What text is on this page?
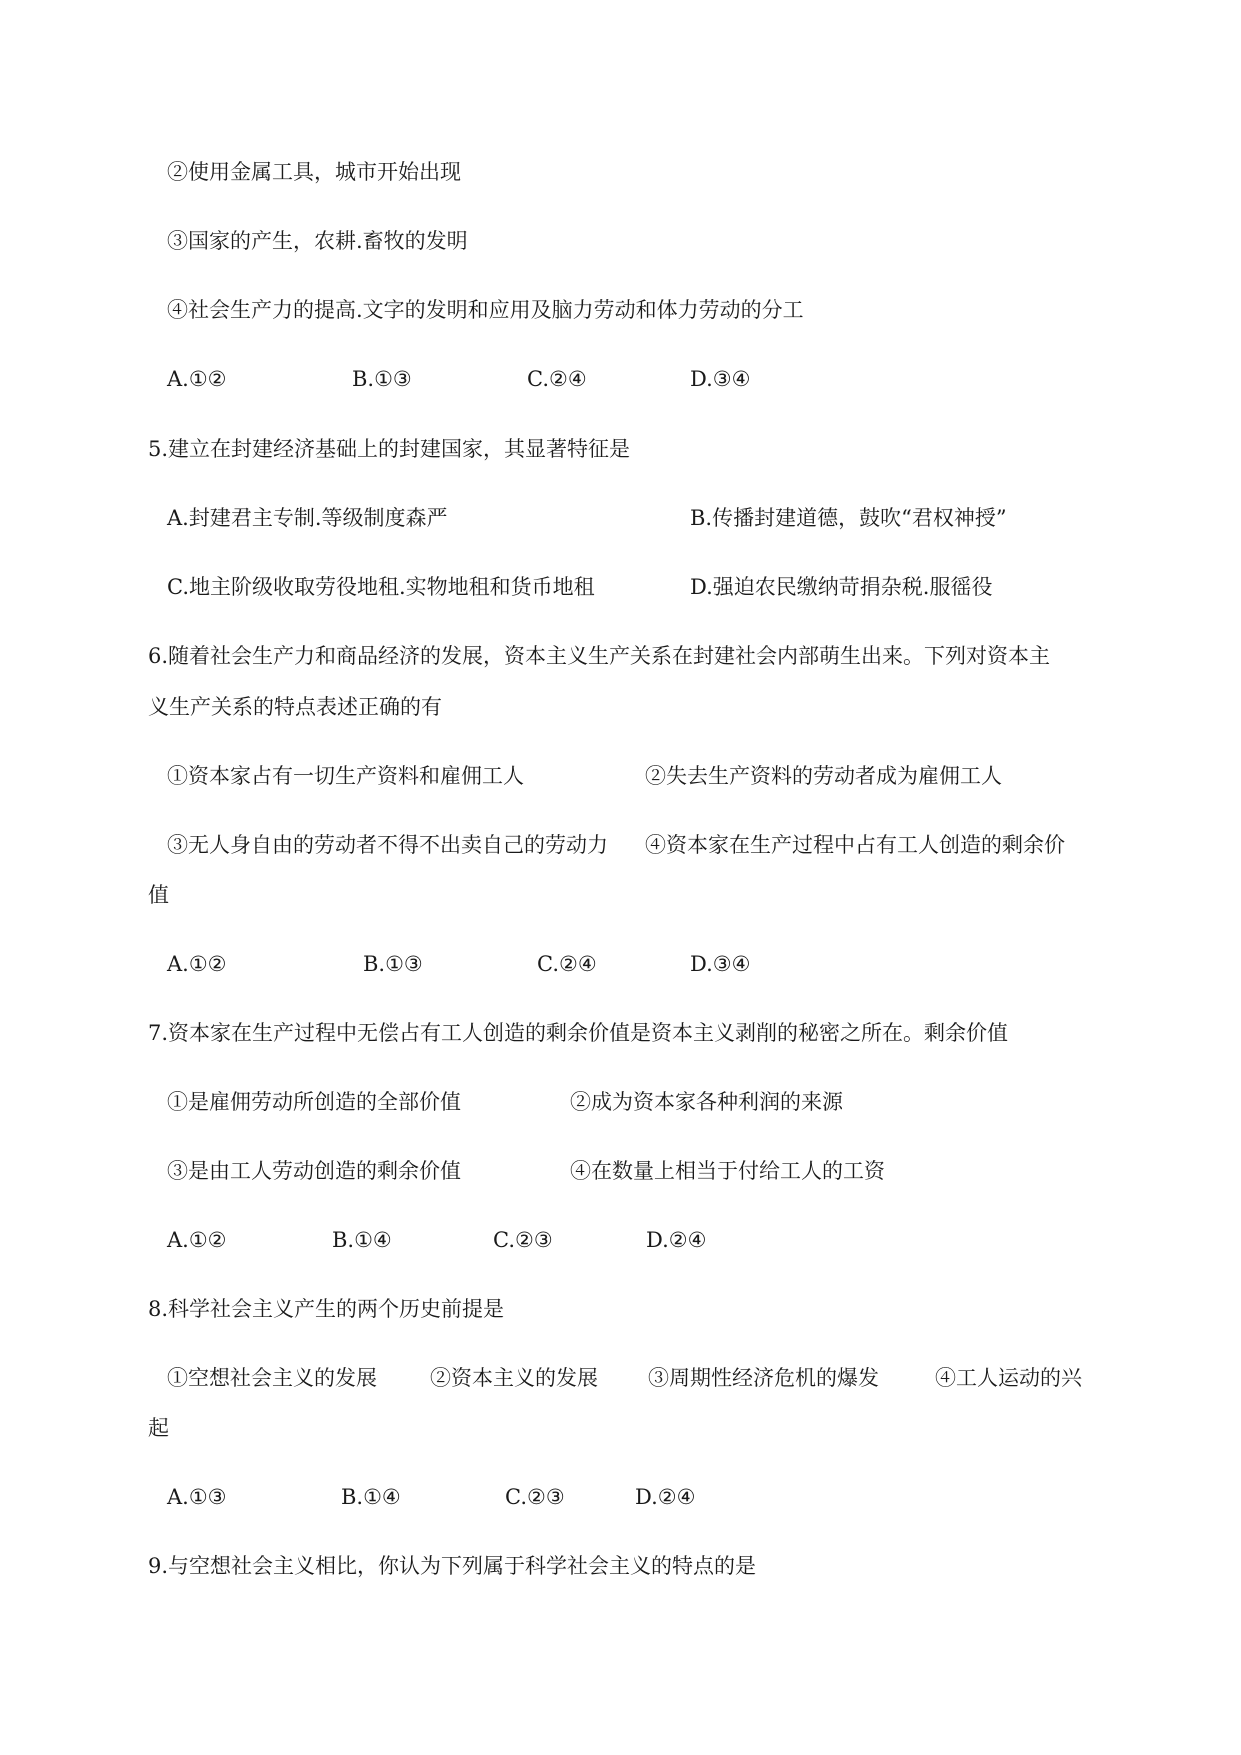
②使用金属工具，城市开始出现
③国家的产生，农耕.畜牧的发明
④社会生产力的提高.文字的发明和应用及脑力劳动和体力劳动的分工
A.①②	B.①③	C.②④	D.③④
5.建立在封建经济基础上的封建国家，其显著特征是
A.封建君主专制.等级制度森严	B.传播封建道德，鼓吹“君权神授”
C.地主阶级收取劳役地租.实物地租和货币地租	D.强迫农民缴纳苛捐杂税.服徭役
6.随着社会生产力和商品经济的发展，资本主义生产关系在封建社会内部萌生出来。下列对资本主
义生产关系的特点表述正确的有
①资本家占有一切生产资料和雇佣工人	②失去生产资料的劳动者成为雇佣工人
③无人身自由的劳动者不得不出卖自己的劳动力 ④资本家在生产过程中占有工人创造的剩余价
值
A.①②	B.①③	C.②④	D.③④
7.资本家在生产过程中无偿占有工人创造的剩余价值是资本主义剥削的秘密之所在。剩余价值
①是雇佣劳动所创造的全部价值	②成为资本家各种利润的来源
③是由工人劳动创造的剩余价值	④在数量上相当于付给工人的工资
A.①②	B.①④	C.②③	D.②④
8.科学社会主义产生的两个历史前提是
①空想社会主义的发展	②资本主义的发展 ③周期性经济危机的爆发	④工人运动的兴
起
A.①③	B.①④	C.②③	D.②④
9.与空想社会主义相比，你认为下列属于科学社会主义的特点的是
